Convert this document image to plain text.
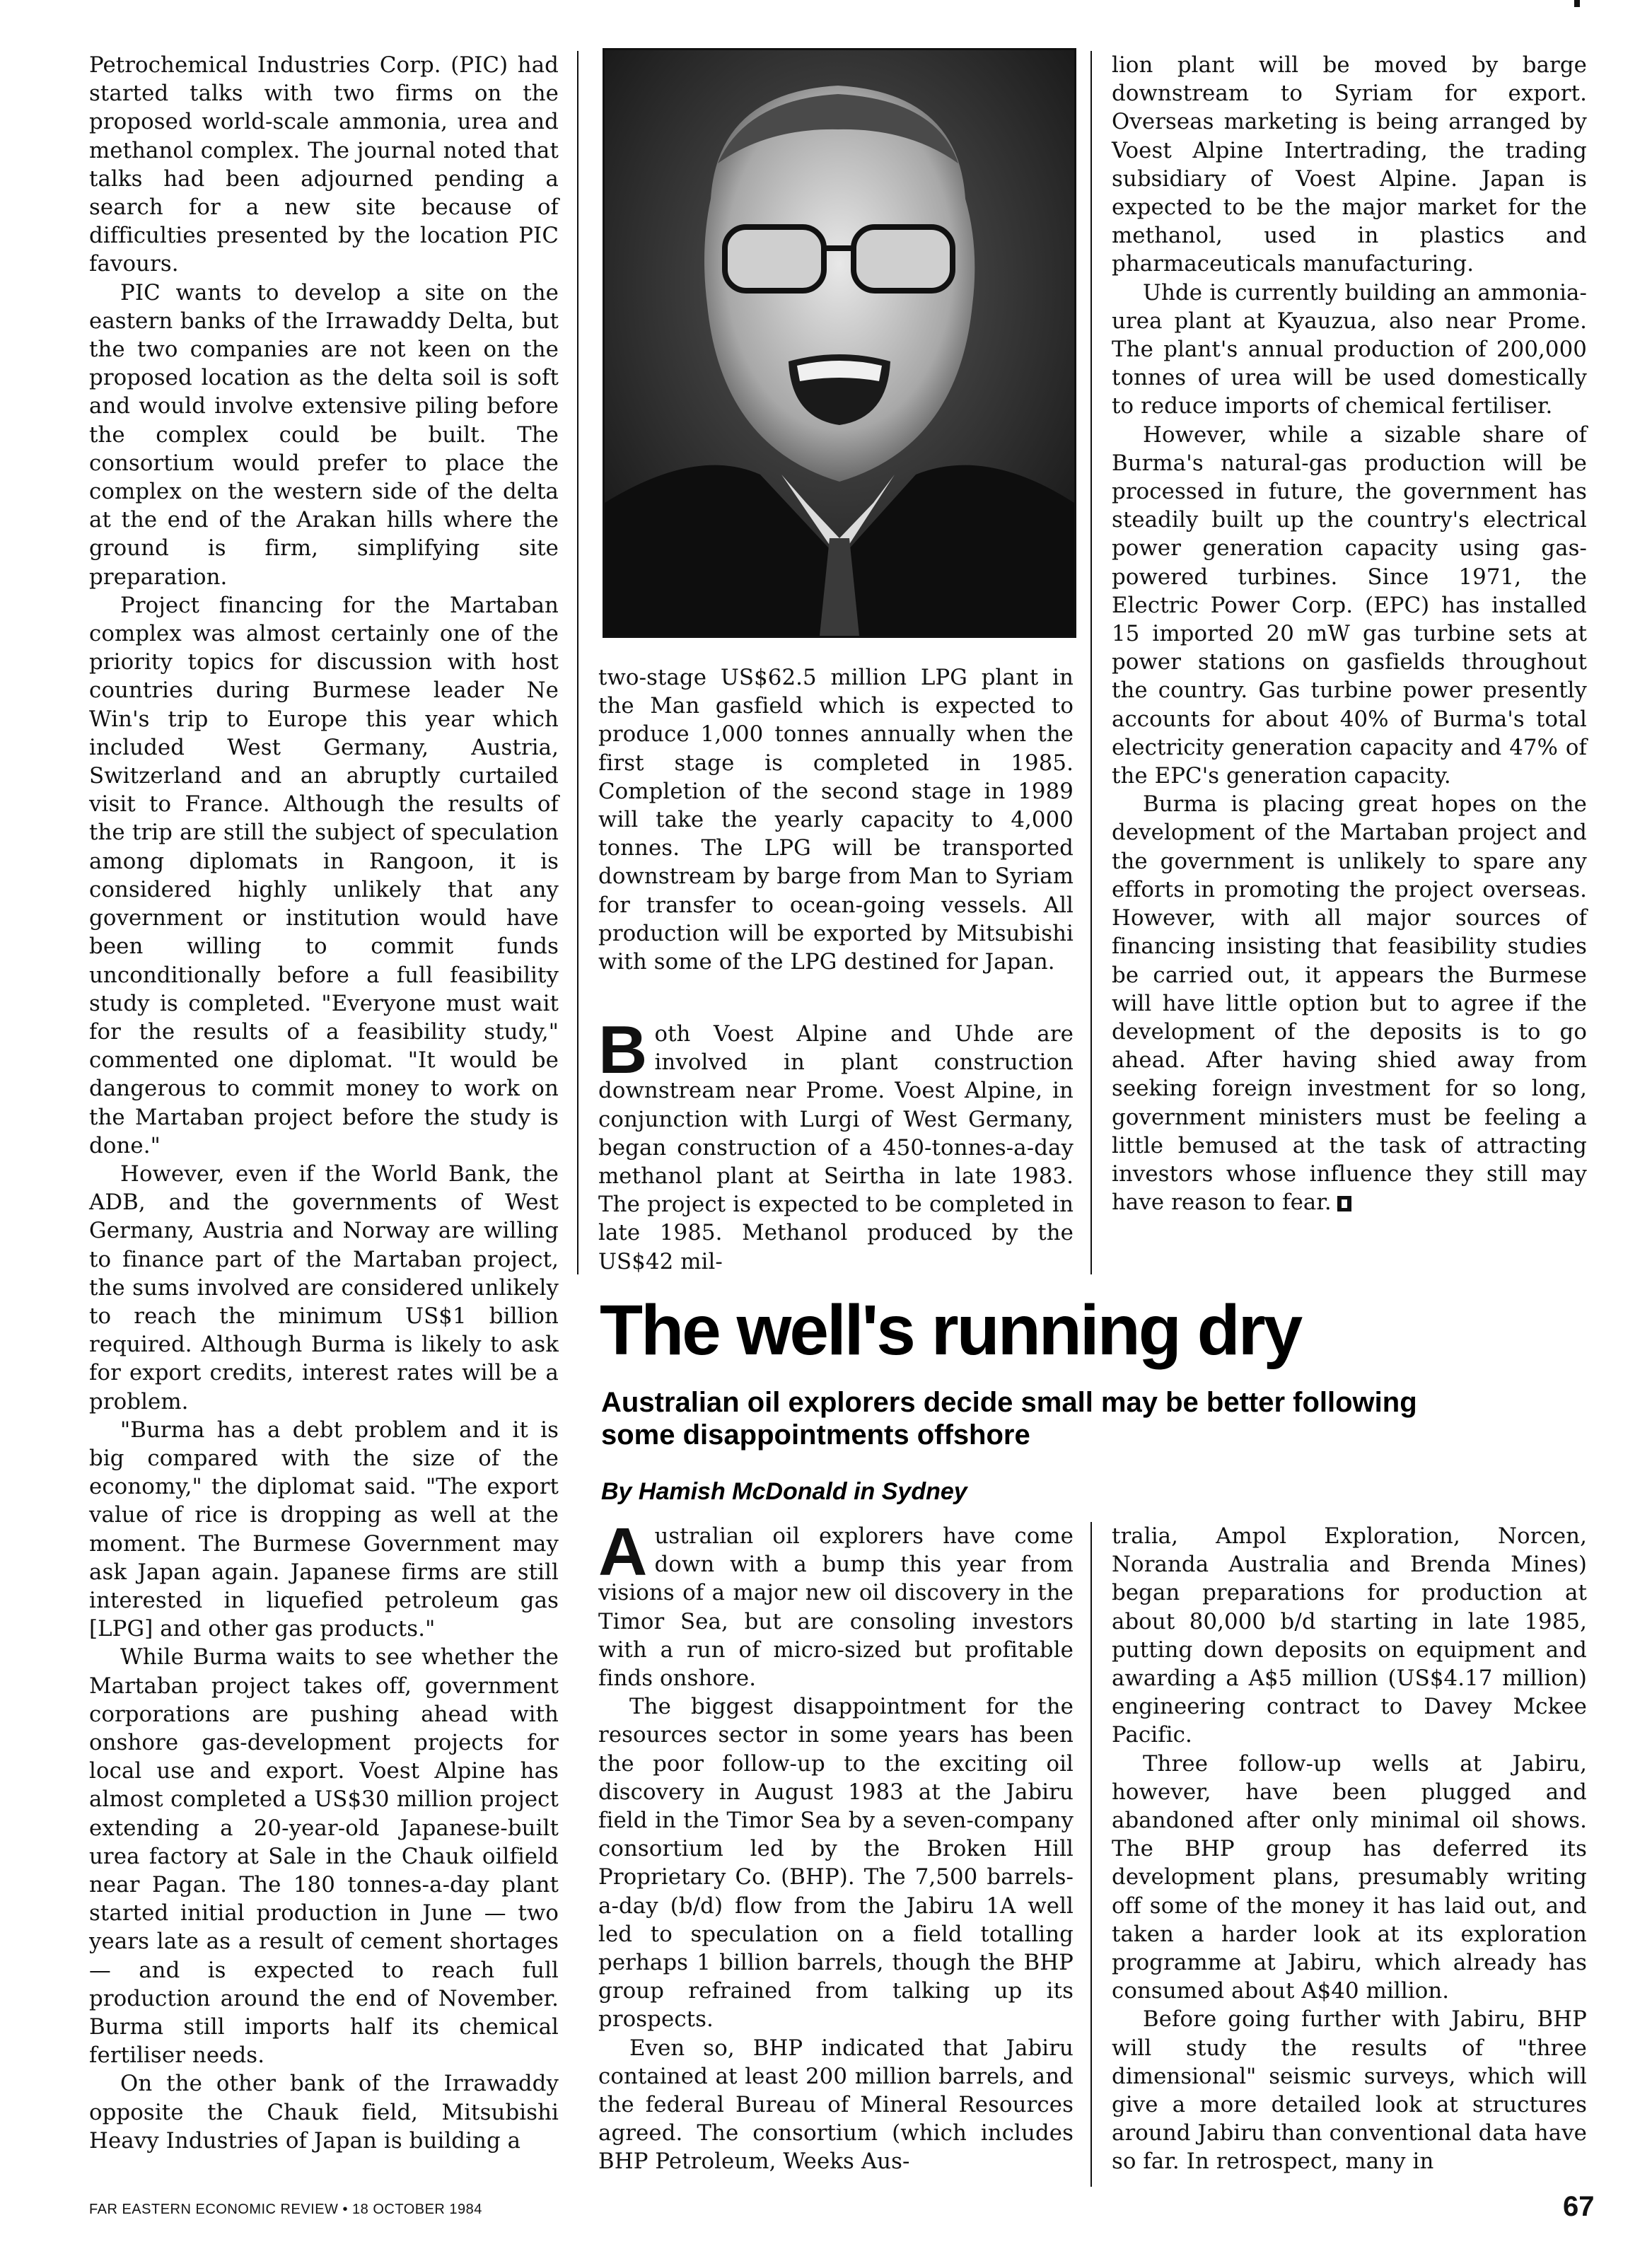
Petrochemical Industries Corp. (PIC) had started talks with two firms on the proposed world-scale ammonia, urea and methanol complex. The journal noted that talks had been adjourned pending a search for a new site because of difficulties presented by the location PIC favours.

PIC wants to develop a site on the eastern banks of the Irrawaddy Delta, but the two companies are not keen on the proposed location as the delta soil is soft and would involve extensive piling before the complex could be built. The consortium would prefer to place the complex on the western side of the delta at the end of the Arakan hills where the ground is firm, simplifying site preparation.

Project financing for the Martaban complex was almost certainly one of the priority topics for discussion with host countries during Burmese leader Ne Win's trip to Europe this year which included West Germany, Austria, Switzerland and an abruptly curtailed visit to France. Although the results of the trip are still the subject of speculation among diplomats in Rangoon, it is considered highly unlikely that any government or institution would have been willing to commit funds unconditionally before a full feasibility study is completed. "Everyone must wait for the results of a feasibility study," commented one diplomat. "It would be dangerous to commit money to work on the Martaban project before the study is done."

However, even if the World Bank, the ADB, and the governments of West Germany, Austria and Norway are willing to finance part of the Martaban project, the sums involved are considered unlikely to reach the minimum US$1 billion required. Although Burma is likely to ask for export credits, interest rates will be a problem.

"Burma has a debt problem and it is big compared with the size of the economy," the diplomat said. "The export value of rice is dropping as well at the moment. The Burmese Government may ask Japan again. Japanese firms are still interested in liquefied petroleum gas [LPG] and other gas products."

While Burma waits to see whether the Martaban project takes off, government corporations are pushing ahead with onshore gas-development projects for local use and export. Voest Alpine has almost completed a US$30 million project extending a 20-year-old Japanese-built urea factory at Sale in the Chauk oilfield near Pagan. The 180 tonnes-a-day plant started initial production in June — two years late as a result of cement shortages — and is expected to reach full production around the end of November. Burma still imports half its chemical fertiliser needs.

On the other bank of the Irrawaddy opposite the Chauk field, Mitsubishi Heavy Industries of Japan is building a

two-stage US$62.5 million LPG plant in the Man gasfield which is expected to produce 1,000 tonnes annually when the first stage is completed in 1985. Completion of the second stage in 1989 will take the yearly capacity to 4,000 tonnes. The LPG will be transported downstream by barge from Man to Syriam for transfer to ocean-going vessels. All production will be exported by Mitsubishi with some of the LPG destined for Japan.

Both Voest Alpine and Uhde are involved in plant construction downstream near Prome. Voest Alpine, in conjunction with Lurgi of West Germany, began construction of a 450-tonnes-a-day methanol plant at Seirtha in late 1983. The project is expected to be completed in late 1985. Methanol produced by the US$42 mil-

lion plant will be moved by barge downstream to Syriam for export. Overseas marketing is being arranged by Voest Alpine Intertrading, the trading subsidiary of Voest Alpine. Japan is expected to be the major market for the methanol, used in plastics and pharmaceuticals manufacturing.

Uhde is currently building an ammonia-urea plant at Kyauzua, also near Prome. The plant's annual production of 200,000 tonnes of urea will be used domestically to reduce imports of chemical fertiliser.

However, while a sizable share of Burma's natural-gas production will be processed in future, the government has steadily built up the country's electrical power generation capacity using gas-powered turbines. Since 1971, the Electric Power Corp. (EPC) has installed 15 imported 20 mW gas turbine sets at power stations on gasfields throughout the country. Gas turbine power presently accounts for about 40% of Burma's total electricity generation capacity and 47% of the EPC's generation capacity.

Burma is placing great hopes on the development of the Martaban project and the government is unlikely to spare any efforts in promoting the project overseas. However, with all major sources of financing insisting that feasibility studies be carried out, it appears the Burmese will have little option but to agree if the development of the deposits is to go ahead. After having shied away from seeking foreign investment for so long, government ministers must be feeling a little bemused at the task of attracting investors whose influence they still may have reason to fear.

The well's running dry
Australian oil explorers decide small may be better following some disappointments offshore
By Hamish McDonald in Sydney

Australian oil explorers have come down with a bump this year from visions of a major new oil discovery in the Timor Sea, but are consoling investors with a run of micro-sized but profitable finds onshore.

The biggest disappointment for the resources sector in some years has been the poor follow-up to the exciting oil discovery in August 1983 at the Jabiru field in the Timor Sea by a seven-company consortium led by the Broken Hill Proprietary Co. (BHP). The 7,500 barrels-a-day (b/d) flow from the Jabiru 1A well led to speculation on a field totalling perhaps 1 billion barrels, though the BHP group refrained from talking up its prospects.

Even so, BHP indicated that Jabiru contained at least 200 million barrels, and the federal Bureau of Mineral Resources agreed. The consortium (which includes BHP Petroleum, Weeks Aus-

tralia, Ampol Exploration, Norcen, Noranda Australia and Brenda Mines) began preparations for production at about 80,000 b/d starting in late 1985, putting down deposits on equipment and awarding a A$5 million (US$4.17 million) engineering contract to Davey Mckee Pacific.

Three follow-up wells at Jabiru, however, have been plugged and abandoned after only minimal oil shows. The BHP group has deferred its development plans, presumably writing off some of the money it has laid out, and taken a harder look at its exploration programme at Jabiru, which already has consumed about A$40 million.

Before going further with Jabiru, BHP will study the results of "three dimensional" seismic surveys, which will give a more detailed look at structures around Jabiru than conventional data have so far. In retrospect, many in

FAR EASTERN ECONOMIC REVIEW • 18 OCTOBER 1984	67
